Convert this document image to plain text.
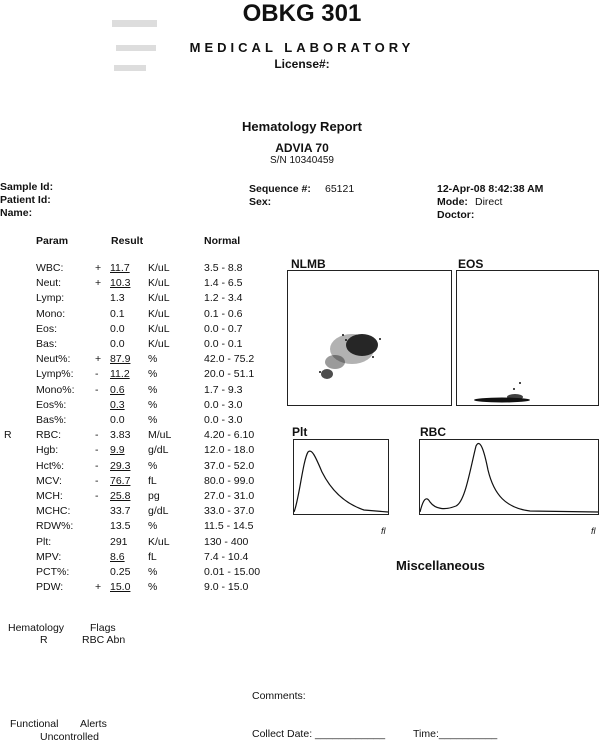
OBKG 301
MEDICAL LABORATORY
License#:
Hematology Report
ADVIA 70
S/N 10340459
Sample Id:
Patient Id:
Name:
Sequence #: 65121
Sex:
12-Apr-08 8:42:38 AM
Mode: Direct
Doctor:
Param	Result	Normal
WBC:	+ 11.7 K/uL	3.5 - 8.8
Neut:	+ 10.3 K/uL	1.4 - 6.5
Lymp:	1.3 K/uL	1.2 - 3.4
Mono:	0.1 K/uL	0.1 - 0.6
Eos:	0.0 K/uL	0.0 - 0.7
Bas:	0.0 K/uL	0.0 - 0.1
Neut%: + 87.9 %	42.0 - 75.2
Lymp%: - 11.2 %	20.0 - 51.1
Mono%: - 0.6 %	1.7 - 9.3
Eos%:	0.3 %	0.0 - 3.0
Bas%:	0.0 %	0.0 - 3.0
R RBC:	- 3.83 M/uL	4.20 - 6.10
Hgb:	- 9.9 g/dL	12.0 - 18.0
Hct%:	- 29.3 %	37.0 - 52.0
MCV:	- 76.7 fL	80.0 - 99.0
MCH:	- 25.8 pg	27.0 - 31.0
MCHC:	33.7 g/dL	33.0 - 37.0
RDW%:	13.5 %	11.5 - 14.5
Plt:	291 K/uL	130 - 400
MPV:	8.6 fL	7.4 - 10.4
PCT%:	0.25 %	0.01 - 15.00
PDW:	+ 15.0 %	9.0 - 15.0
NLMB	EOS
Plt	RBC
fl	fl
Miscellaneous
Hematology Flags
R	RBC Abn
Comments:
Functional Alerts
Uncontrolled	Collect Date: ____________	Time:__________
